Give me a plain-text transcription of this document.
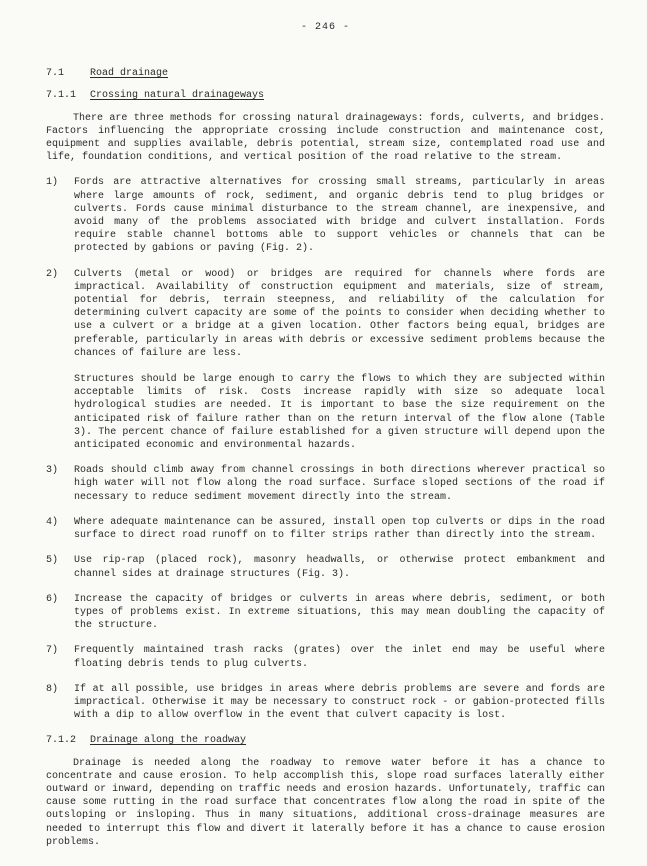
- 246 -
7.1	Road drainage
7.1.1	Crossing natural drainageways

There are three methods for crossing natural drainageways: fords, culverts, and bridges. Factors influencing the appropriate crossing include construction and maintenance cost, equipment and supplies available, debris potential, stream size, contemplated road use and life, foundation conditions, and vertical position of the road relative to the stream.

1)	Fords are attractive alternatives for crossing small streams, particularly in areas where large amounts of rock, sediment, and organic debris tend to plug bridges or culverts. Fords cause minimal disturbance to the stream channel, are inexpensive, and avoid many of the problems associated with bridge and culvert installation. Fords require stable channel bottoms able to support vehicles or channels that can be protected by gabions or paving (Fig. 2).

2)	Culverts (metal or wood) or bridges are required for channels where fords are impractical. Availability of construction equipment and materials, size of stream, potential for debris, terrain steepness, and reliability of the calculation for determining culvert capacity are some of the points to consider when deciding whether to use a culvert or a bridge at a given location. Other factors being equal, bridges are preferable, particularly in areas with debris or excessive sediment problems because the chances of failure are less.

Structures should be large enough to carry the flows to which they are subjected within acceptable limits of risk. Costs increase rapidly with size so adequate local hydrological studies are needed. It is important to base the size requirement on the anticipated risk of failure rather than on the return interval of the flow alone (Table 3). The percent chance of failure established for a given structure will depend upon the anticipated economic and environmental hazards.

3)	Roads should climb away from channel crossings in both directions wherever practical so high water will not flow along the road surface. Surface sloped sections of the road if necessary to reduce sediment movement directly into the stream.

4)	Where adequate maintenance can be assured, install open top culverts or dips in the road surface to direct road runoff on to filter strips rather than directly into the stream.

5)	Use rip-rap (placed rock), masonry headwalls, or otherwise protect embankment and channel sides at drainage structures (Fig. 3).

6)	Increase the capacity of bridges or culverts in areas where debris, sediment, or both types of problems exist. In extreme situations, this may mean doubling the capacity of the structure.

7)	Frequently maintained trash racks (grates) over the inlet end may be useful where floating debris tends to plug culverts.

8)	If at all possible, use bridges in areas where debris problems are severe and fords are impractical. Otherwise it may be necessary to construct rock - or gabion-protected fills with a dip to allow overflow in the event that culvert capacity is lost.

7.1.2	Drainage along the roadway

Drainage is needed along the roadway to remove water before it has a chance to concentrate and cause erosion. To help accomplish this, slope road surfaces laterally either outward or inward, depending on traffic needs and erosion hazards. Unfortunately, traffic can cause some rutting in the road surface that concentrates flow along the road in spite of the outsloping or insloping. Thus in many situations, additional cross-drainage measures are needed to interrupt this flow and divert it laterally before it has a chance to cause erosion problems.
